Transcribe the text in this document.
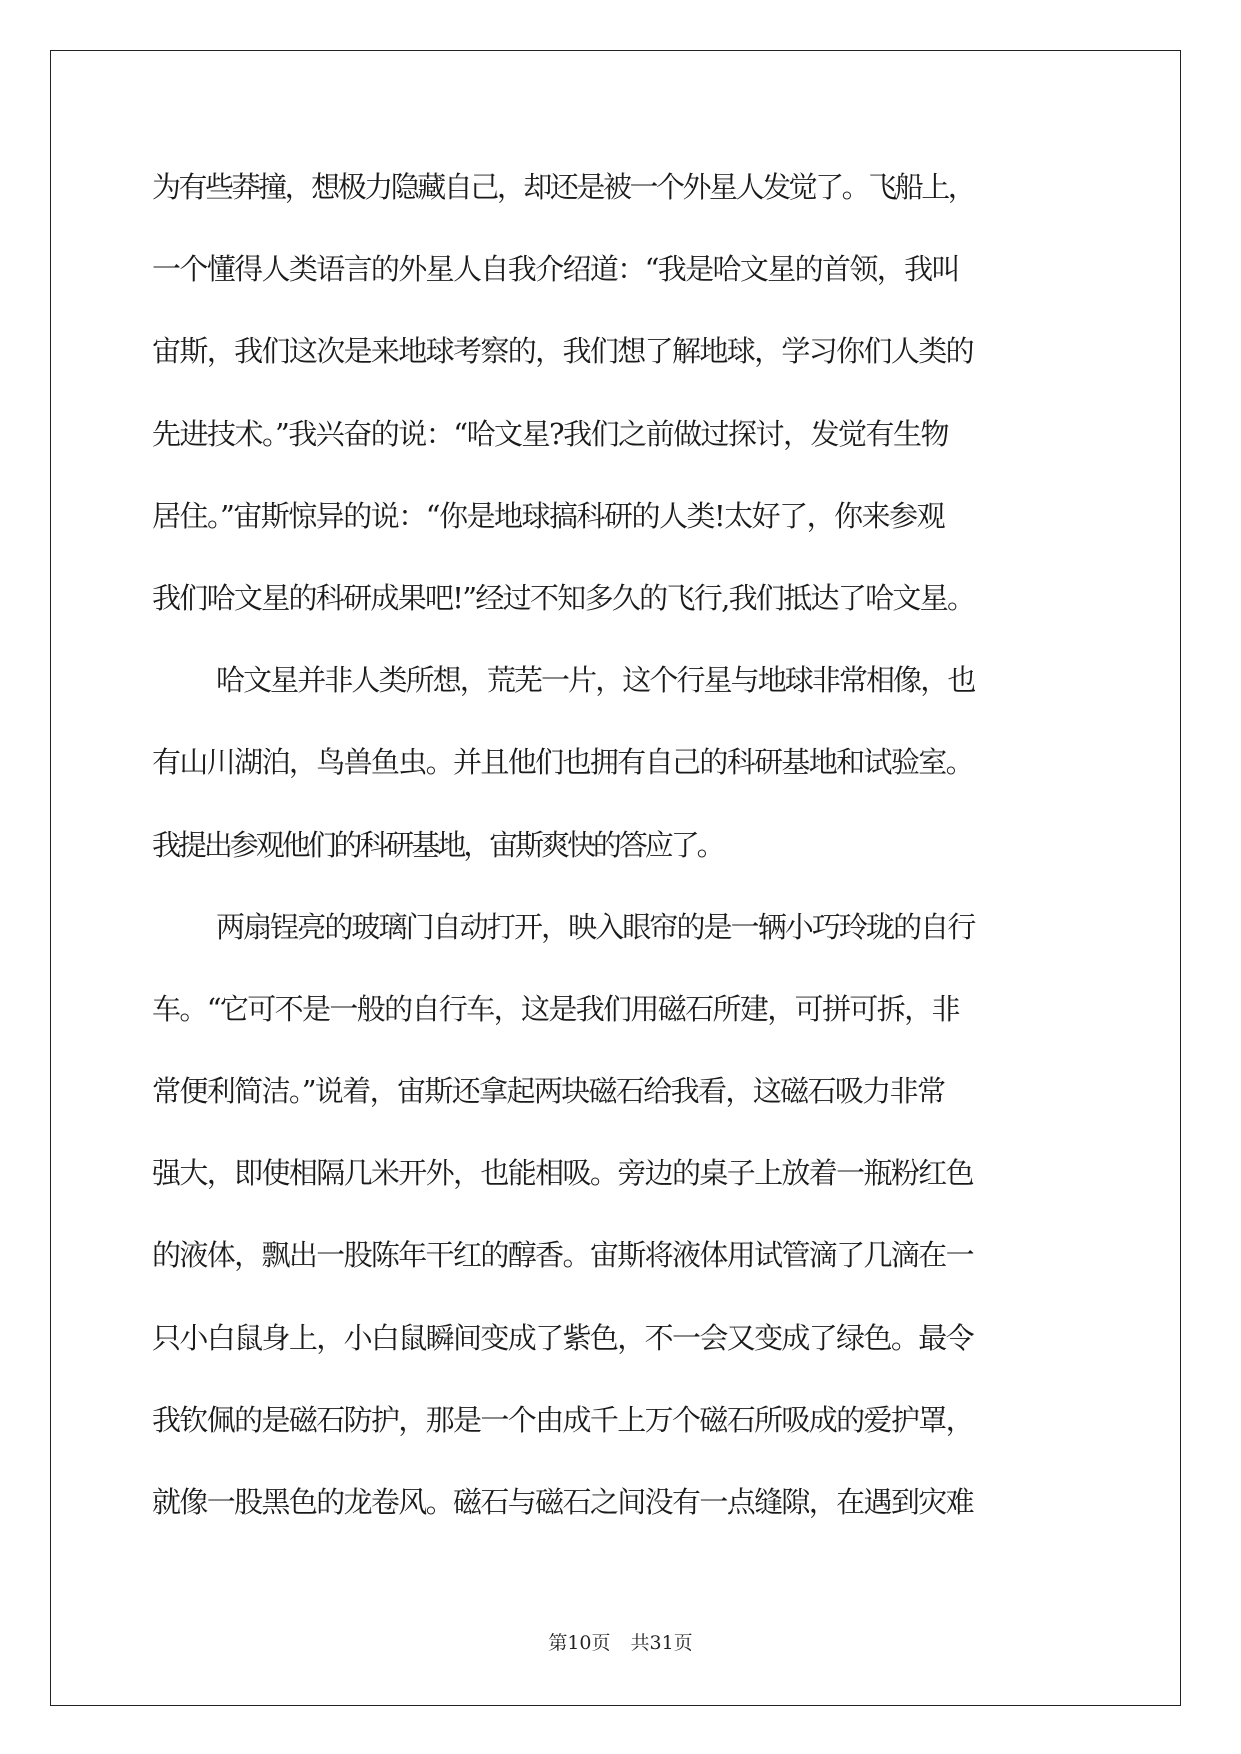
为有些莽撞，想极力隐藏自己，却还是被一个外星人发觉了。飞船上，
一个懂得人类语言的外星人自我介绍道：“我是哈文星的首领，我叫
宙斯，我们这次是来地球考察的，我们想了解地球，学习你们人类的
先进技术。”我兴奋的说：“哈文星?我们之前做过探讨，发觉有生物
居住。”宙斯惊异的说：“你是地球搞科研的人类!太好了，你来参观
我们哈文星的科研成果吧!”经过不知多久的飞行,我们抵达了哈文星。
哈文星并非人类所想，荒芜一片，这个行星与地球非常相像，也
有山川湖泊，鸟兽鱼虫。并且他们也拥有自己的科研基地和试验室。
我提出参观他们的科研基地，宙斯爽快的答应了。
两扇锃亮的玻璃门自动打开，映入眼帘的是一辆小巧玲珑的自行
车。“它可不是一般的自行车，这是我们用磁石所建，可拼可拆，非
常便利简洁。”说着，宙斯还拿起两块磁石给我看，这磁石吸力非常
强大，即使相隔几米开外，也能相吸。旁边的桌子上放着一瓶粉红色
的液体，飘出一股陈年干红的醇香。宙斯将液体用试管滴了几滴在一
只小白鼠身上，小白鼠瞬间变成了紫色，不一会又变成了绿色。最令
我钦佩的是磁石防护，那是一个由成千上万个磁石所吸成的爱护罩，
就像一股黑色的龙卷风。磁石与磁石之间没有一点缝隙，在遇到灾难
第10页 共31页
